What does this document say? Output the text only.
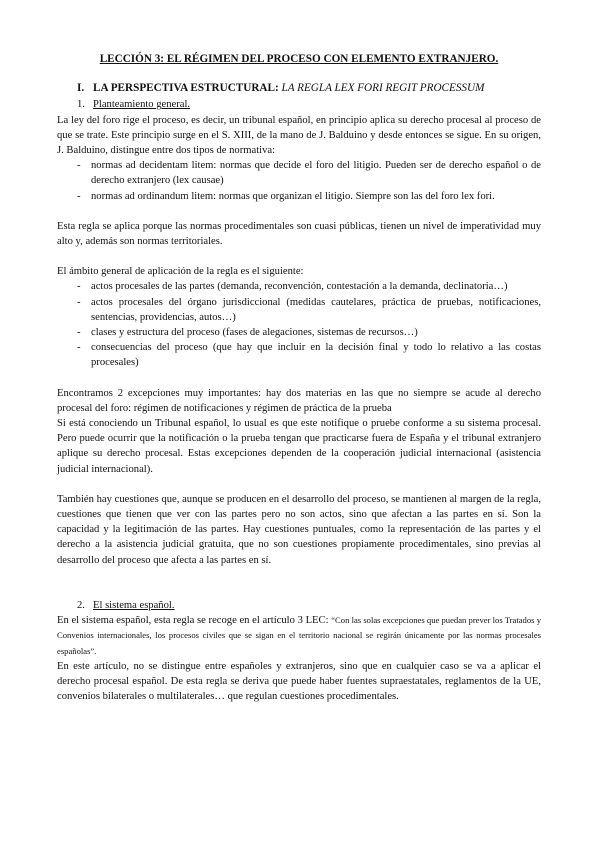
LECCIÓN 3: EL RÉGIMEN DEL PROCESO CON ELEMENTO EXTRANJERO.
I. LA PERSPECTIVA ESTRUCTURAL: LA REGLA LEX FORI REGIT PROCESSUM
1. Planteamiento general.

La ley del foro rige el proceso, es decir, un tribunal español, en principio aplica su derecho procesal al proceso de que se trate. Este principio surge en el S. XIII, de la mano de J. Balduino y desde entonces se sigue. En su origen, J. Balduino, distingue entre dos tipos de normativa:

- normas ad decidentam litem: normas que decide el foro del litigio. Pueden ser de derecho español o de derecho extranjero (lex causae)
- normas ad ordinandum litem: normas que organizan el litigio. Siempre son las del foro lex fori.

Esta regla se aplica porque las normas procedimentales son cuasi públicas, tienen un nivel de imperatividad muy alto y, además son normas territoriales.

El ámbito general de aplicación de la regla es el siguiente:

- actos procesales de las partes (demanda, reconvención, contestación a la demanda, declinatoria…)
- actos procesales del órgano jurisdiccional (medidas cautelares, práctica de pruebas, notificaciones, sentencias, providencias, autos…)
- clases y estructura del proceso (fases de alegaciones, sistemas de recursos…)
- consecuencias del proceso (que hay que incluir en la decisión final y todo lo relativo a las costas procesales)

Encontramos 2 excepciones muy importantes: hay dos materias en las que no siempre se acude al derecho procesal del foro: régimen de notificaciones y régimen de práctica de la prueba

Si está conociendo un Tribunal español, lo usual es que este notifique o pruebe conforme a su sistema procesal. Pero puede ocurrir que la notificación o la prueba tengan que practicarse fuera de España y el tribunal extranjero aplique su derecho procesal. Estas excepciones dependen de la cooperación judicial internacional (asistencia judicial internacional).

También hay cuestiones que, aunque se producen en el desarrollo del proceso, se mantienen al margen de la regla, cuestiones que tienen que ver con las partes pero no son actos, sino que afectan a las partes en sí. Son la capacidad y la legitimación de las partes. Hay cuestiones puntuales, como la representación de las partes y el derecho a la asistencia judicial gratuita, que no son cuestiones propiamente procedimentales, sino previas al desarrollo del proceso que afecta a las partes en sí.

2. El sistema español.

En el sistema español, esta regla se recoge en el artículo 3 LEC: “Con las solas excepciones que puedan prever los Tratados y Convenios internacionales, los procesos civiles que se sigan en el territorio nacional se regirán únicamente por las normas procesales españolas”.

En este artículo, no se distingue entre españoles y extranjeros, sino que en cualquier caso se va a aplicar el derecho procesal español. De esta regla se deriva que puede haber fuentes supraestatales, reglamentos de la UE, convenios bilaterales o multilaterales… que regulan cuestiones procedimentales.
